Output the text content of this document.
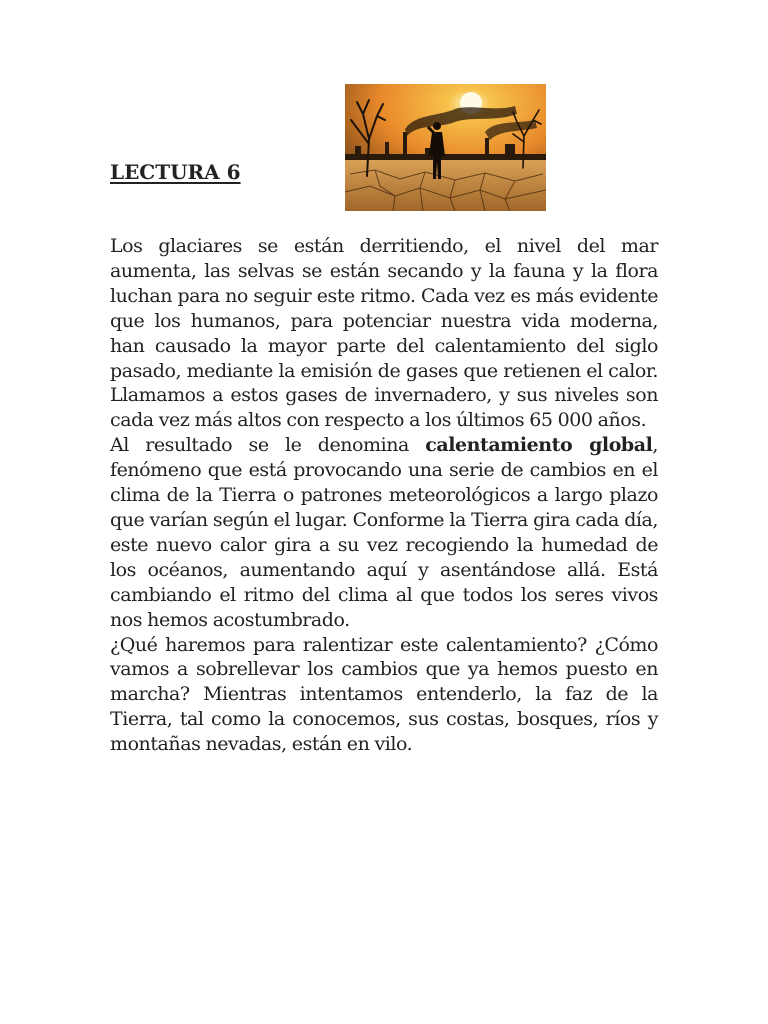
LECTURA 6

Los glaciares se están derritiendo, el nivel del mar aumenta, las selvas se están secando y la fauna y la flora luchan para no seguir este ritmo. Cada vez es más evidente que los humanos, para potenciar nuestra vida moderna, han causado la mayor parte del calentamiento del siglo pasado, mediante la emisión de gases que retienen el calor. Llamamos a estos gases de invernadero, y sus niveles son cada vez más altos con respecto a los últimos 65 000 años.

Al resultado se le denomina calentamiento global, fenómeno que está provocando una serie de cambios en el clima de la Tierra o patrones meteorológicos a largo plazo que varían según el lugar. Conforme la Tierra gira cada día, este nuevo calor gira a su vez recogiendo la humedad de los océanos, aumentando aquí y asentándose allá. Está cambiando el ritmo del clima al que todos los seres vivos nos hemos acostumbrado.

¿Qué haremos para ralentizar este calentamiento? ¿Cómo vamos a sobrellevar los cambios que ya hemos puesto en marcha? Mientras intentamos entenderlo, la faz de la Tierra, tal como la conocemos, sus costas, bosques, ríos y montañas nevadas, están en vilo.
